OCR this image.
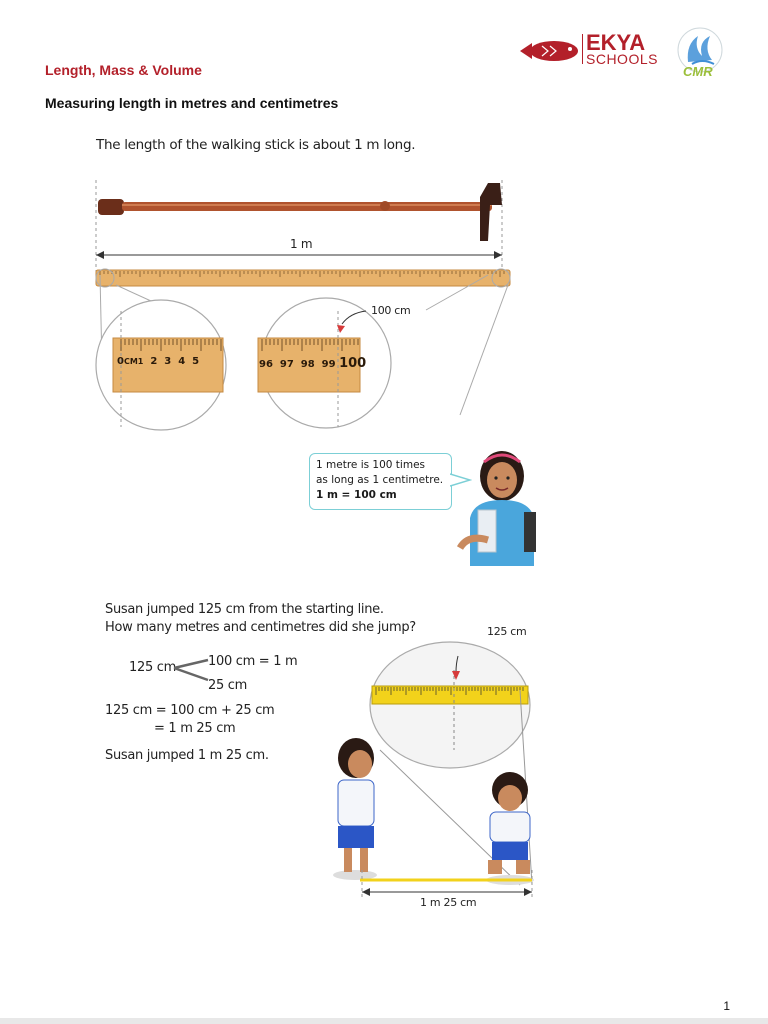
Length, Mass & Volume
Measuring length in metres and centimetres
EKYA
SCHOOLS
CMR
The length of the walking stick is about 1 m long.
1 m
100 cm
0CM1 2 3 4 5	96 97 98 99 100
1 metre is 100 times
as long as 1 centimetre.
1 m = 100 cm
Susan jumped 125 cm from the starting line.
How many metres and centimetres did she jump?
125 cm 100 cm = 1 m
25 cm
125 cm = 100 cm + 25 cm
= 1 m 25 cm
Susan jumped 1 m 25 cm.
125 cm
1 m 25 cm
1
